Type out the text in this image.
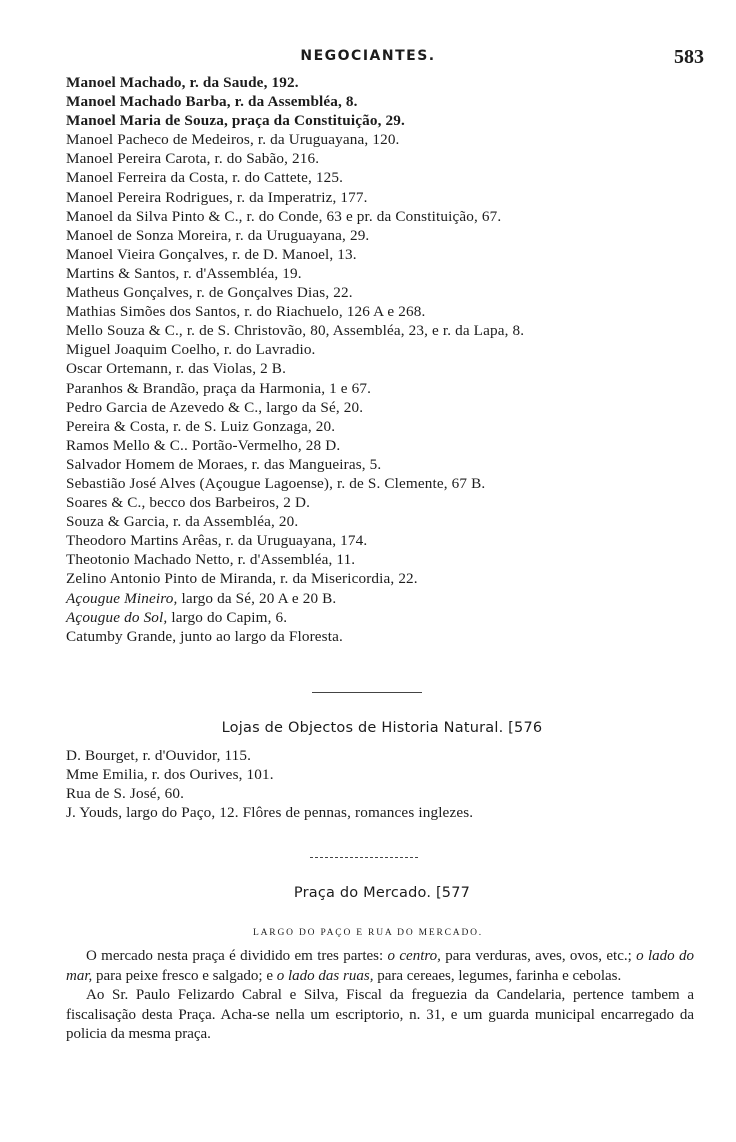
NEGOCIANTES.	583
Manoel Machado, r. da Saude, 192.
Manoel Machado Barba, r. da Assembléa, 8.
Manoel Maria de Souza, praça da Constituição, 29.
Manoel Pacheco de Medeiros, r. da Uruguayana, 120.
Manoel Pereira Carota, r. do Sabão, 216.
Manoel Ferreira da Costa, r. do Cattete, 125.
Manoel Pereira Rodrigues, r. da Imperatriz, 177.
Manoel da Silva Pinto & C., r. do Conde, 63 e pr. da Constituição, 67.
Manoel de Sonza Moreira, r. da Uruguayana, 29.
Manoel Vieira Gonçalves, r. de D. Manoel, 13.
Martins & Santos, r. d'Assembléa, 19.
Matheus Gonçalves, r. de Gonçalves Dias, 22.
Mathias Simões dos Santos, r. do Riachuelo, 126 A e 268.
Mello Souza & C., r. de S. Christovão, 80, Assembléa, 23, e r. da Lapa, 8.
Miguel Joaquim Coelho, r. do Lavradio.
Oscar Ortemann, r. das Violas, 2 B.
Paranhos & Brandão, praça da Harmonia, 1 e 67.
Pedro Garcia de Azevedo & C., largo da Sé, 20.
Pereira & Costa, r. de S. Luiz Gonzaga, 20.
Ramos Mello & C.. Portão-Vermelho, 28 D.
Salvador Homem de Moraes, r. das Mangueiras, 5.
Sebastião José Alves (Açougue Lagoense), r. de S. Clemente, 67 B.
Soares & C., becco dos Barbeiros, 2 D.
Souza & Garcia, r. da Assembléa, 20.
Theodoro Martins Arêas, r. da Uruguayana, 174.
Theotonio Machado Netto, r. d'Assembléa, 11.
Zelino Antonio Pinto de Miranda, r. da Misericordia, 22.
Açougue Mineiro, largo da Sé, 20 A e 20 B.
Açougue do Sol, largo do Capim, 6.
Catumby Grande, junto ao largo da Floresta.
Lojas de Objectos de Historia Natural. [576
D. Bourget, r. d'Ouvidor, 115.
Mme Emilia, r. dos Ourives, 101.
Rua de S. José, 60.
J. Youds, largo do Paço, 12. Flôres de pennas, romances inglezes.
Praça do Mercado. [577
LARGO DO PAÇO E RUA DO MERCADO.

O mercado nesta praça é dividido em tres partes: o centro, para verduras, aves, ovos, etc.; o lado do mar, para peixe fresco e salgado; e o lado das ruas, para cereaes, legumes, farinha e cebolas.

Ao Sr. Paulo Felizardo Cabral e Silva, Fiscal da freguezia da Candelaria, pertence tambem a fiscalisação desta Praça. Acha-se nella um escriptorio, n. 31, e um guarda municipal encarregado da policia da mesma praça.
